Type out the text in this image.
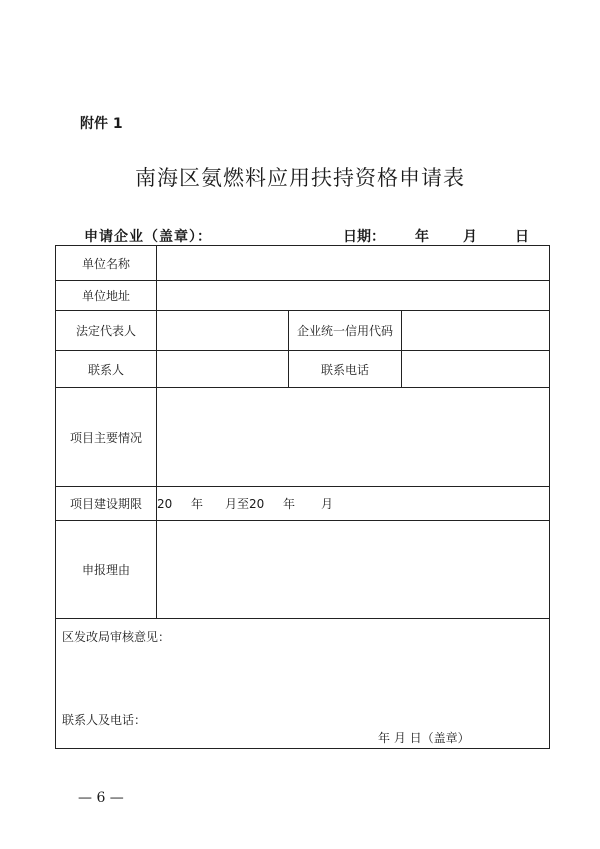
附件 1
南海区氨燃料应用扶持资格申请表
申请企业（盖章）：	日期： 年 月	日
单位名称			
单位地址			
法定代表人		企业统一信用代码	
联系人		联系电话	
项目主要情况			
项目建设期限	20 年 月至20 年 月		
申报理由			

区发改局审核意见：
联系人及电话：
年 月 日（盖章）			
— 6 —
